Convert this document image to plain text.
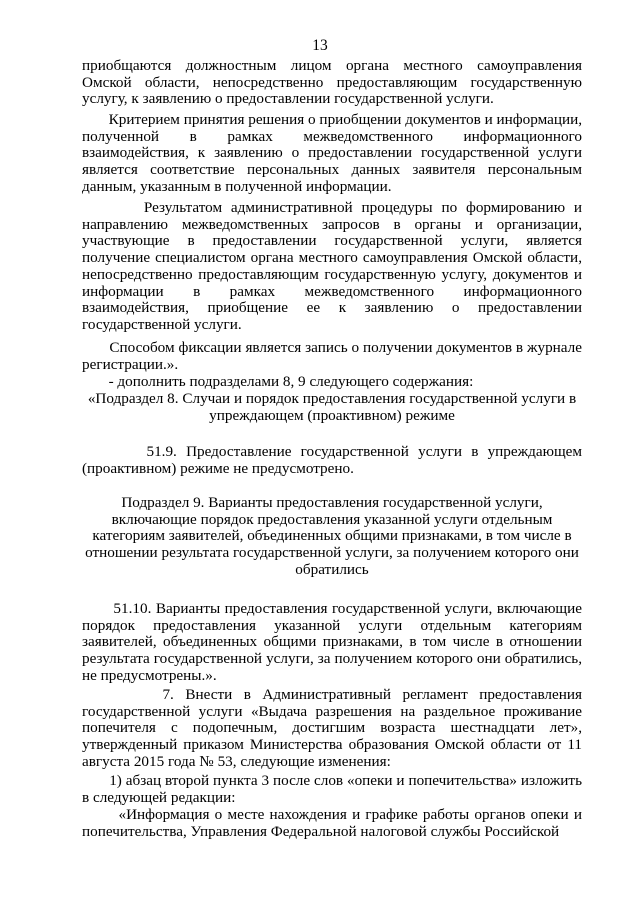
13
приобщаются должностным лицом органа местного самоуправления Омской области, непосредственно предоставляющим государственную услугу, к заявлению о предоставлении государственной услуги.
Критерием принятия решения о приобщении документов и информации, полученной в рамках межведомственного информационного взаимодействия, к заявлению о предоставлении государственной услуги является соответствие персональных данных заявителя персональным данным, указанным в полученной информации.
Результатом административной процедуры по формированию и направлению межведомственных запросов в органы и организации, участвующие в предоставлении государственной услуги, является получение специалистом органа местного самоуправления Омской области, непосредственно предоставляющим государственную услугу, документов и информации в рамках межведомственного информационного взаимодействия, приобщение ее к заявлению о предоставлении государственной услуги.
Способом фиксации является запись о получении документов в журнале регистрации.».
- дополнить подразделами 8, 9 следующего содержания:
«Подраздел 8. Случаи и порядок предоставления государственной услуги в упреждающем (проактивном) режиме
51.9. Предоставление государственной услуги в упреждающем (проактивном) режиме не предусмотрено.
Подраздел 9. Варианты предоставления государственной услуги, включающие порядок предоставления указанной услуги отдельным категориям заявителей, объединенных общими признаками, в том числе в отношении результата государственной услуги, за получением которого они обратились
51.10. Варианты предоставления государственной услуги, включающие порядок предоставления указанной услуги отдельным категориям заявителей, объединенных общими признаками, в том числе в отношении результата государственной услуги, за получением которого они обратились, не предусмотрены.».
7. Внести в Административный регламент предоставления государственной услуги «Выдача разрешения на раздельное проживание попечителя с подопечным, достигшим возраста шестнадцати лет», утвержденный приказом Министерства образования Омской области от 11 августа 2015 года № 53, следующие изменения:
1) абзац второй пункта 3 после слов «опеки и попечительства» изложить в следующей редакции:
«Информация о месте нахождения и графике работы органов опеки и попечительства, Управления Федеральной налоговой службы Российской
